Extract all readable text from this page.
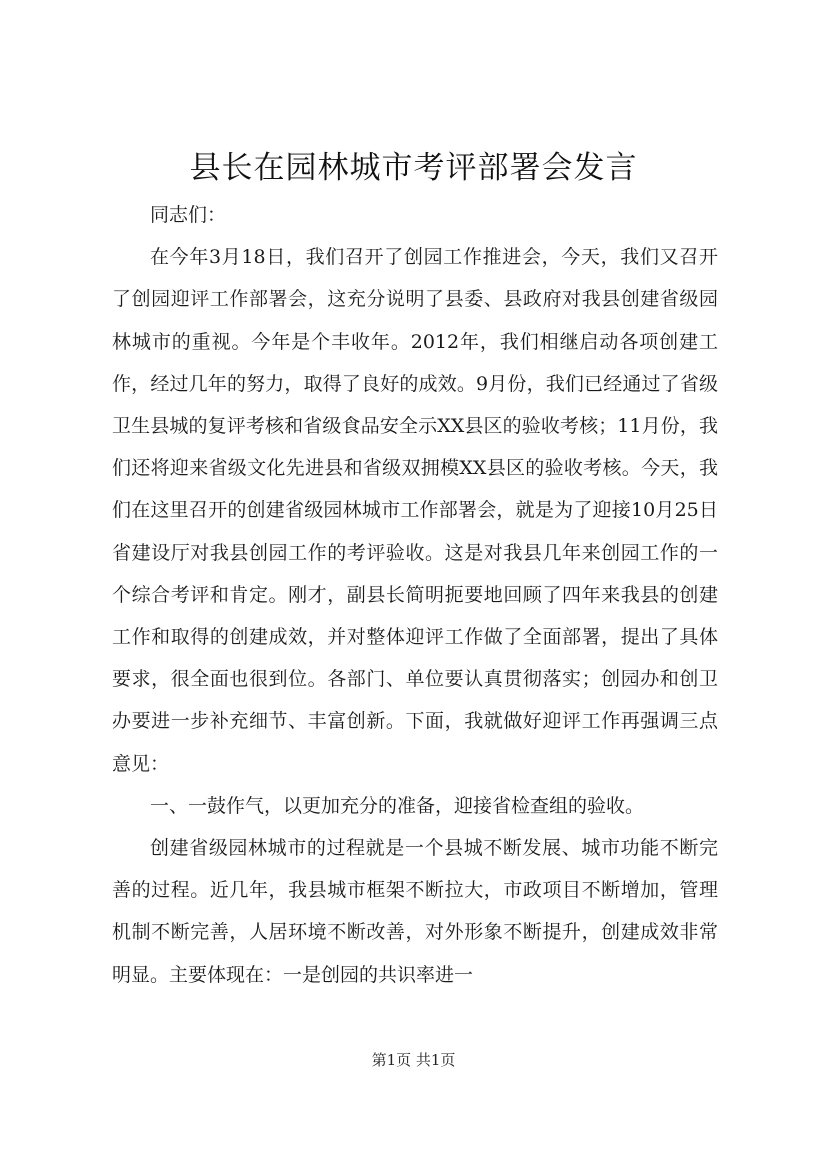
县长在园林城市考评部署会发言

同志们：

在今年3月18日，我们召开了创园工作推进会，今天，我们又召开了创园迎评工作部署会，这充分说明了县委、县政府对我县创建省级园林城市的重视。今年是个丰收年。2012年，我们相继启动各项创建工作，经过几年的努力，取得了良好的成效。9月份，我们已经通过了省级卫生县城的复评考核和省级食品安全示XX县区的验收考核；11月份，我们还将迎来省级文化先进县和省级双拥模XX县区的验收考核。今天，我们在这里召开的创建省级园林城市工作部署会，就是为了迎接10月25日省建设厅对我县创园工作的考评验收。这是对我县几年来创园工作的一个综合考评和肯定。刚才，副县长简明扼要地回顾了四年来我县的创建工作和取得的创建成效，并对整体迎评工作做了全面部署，提出了具体要求，很全面也很到位。各部门、单位要认真贯彻落实；创园办和创卫办要进一步补充细节、丰富创新。下面，我就做好迎评工作再强调三点意见：

一、一鼓作气，以更加充分的准备，迎接省检查组的验收。

创建省级园林城市的过程就是一个县城不断发展、城市功能不断完善的过程。近几年，我县城市框架不断拉大，市政项目不断增加，管理机制不断完善，人居环境不断改善，对外形象不断提升，创建成效非常明显。主要体现在：一是创园的共识率进一

第1页 共1页
